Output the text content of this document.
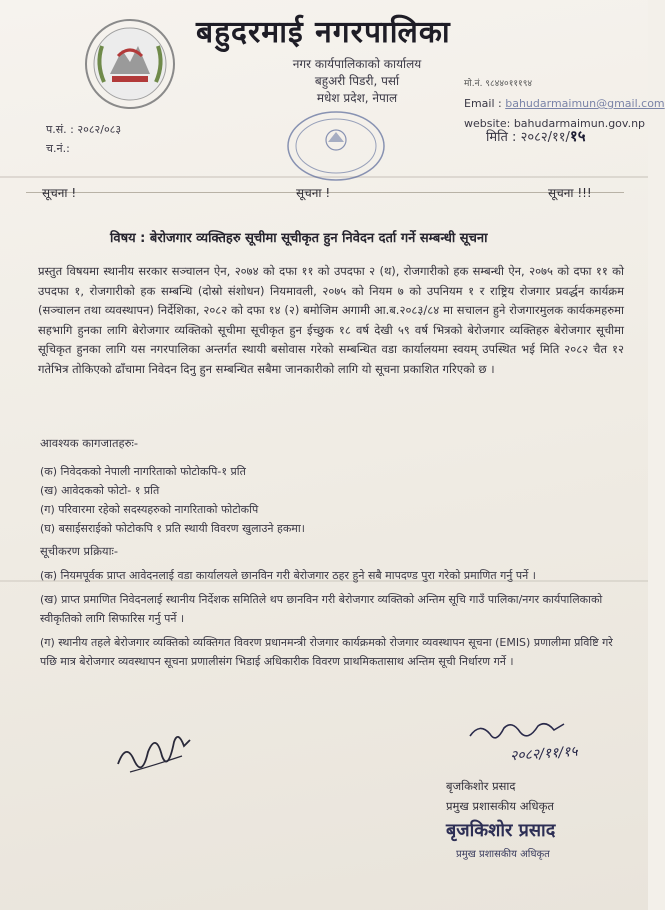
बहुदरमाई नगरपालिका
नगर कार्यपालिकाको कार्यालय
बहुअरी पिडरी, पर्सा
मधेश प्रदेश, नेपाल
मो.नं. ९८४४०१११९४
Email : bahudarmaimun@gmail.com
website: bahudarmaimun.gov.np
प.सं. : २०८२/०८३
च.नं.:
मिति : २०८२/११/१५
सूचना !	सूचना !	सूचना !!!
विषय : बेरोजगार व्यक्तिहरु सूचीमा सूचीकृत हुन निवेदन दर्ता गर्ने सम्बन्धी सूचना
प्रस्तुत विषयमा स्थानीय सरकार सञ्चालन ऐन, २०७४ को दफा ११ को उपदफा २ (थ), रोजगारीको हक सम्बन्धी ऐन, २०७५ को दफा ११ को उपदफा १, रोजगारीको हक सम्बन्धि (दोस्रो संशोधन) नियमावली, २०७५ को नियम ७ को उपनियम १ र राष्ट्रिय रोजगार प्रवर्द्धन कार्यक्रम (सञ्चालन तथा व्यवस्थापन) निर्देशिका, २०८२ को दफा १४ (२) बमोजिम अगामी आ.ब.२०८३/८४ मा सचालन हुने रोजगारमुलक कार्यकमहरुमा सहभागि हुनका लागि बेरोजगार व्यक्तिको सूचीमा सूचीकृत हुन ईच्छुक १८ वर्ष देखी ५९ वर्ष भित्रको बेरोजगार व्यक्तिहरु बेरोजगार सूचीमा सूचिकृत हुनका लागि यस नगरपालिका अन्तर्गत स्थायी बसोवास गरेको सम्बन्धित वडा कार्यालयमा स्वयम् उपस्थित भई मिति २०८२ चैत १२ गतेभित्र तोकिएको ढाँचामा निवेदन दिनु हुन सम्बन्धित सबैमा जानकारीको लागि यो सूचना प्रकाशित गरिएको छ ।
आवश्यक कागजातहरुः-
(क) निवेदकको नेपाली नागरिताको फोटोकपि-१ प्रति
(ख) आवेदकको फोटो- १ प्रति
(ग) परिवारमा रहेको सदस्यहरुको नागरिताको फोटोकपि
(घ) बसाईसराईको फोटोकपि १ प्रति स्थायी विवरण खुलाउने हकमा।
सूचीकरण प्रक्रियाः-

(क) नियमपूर्वक प्राप्त आवेदनलाई वडा कार्यालयले छानविन गरी बेरोजगार ठहर हुने सबै मापदण्ड पुरा गरेको प्रमाणित गर्नु पर्ने ।

(ख) प्राप्त प्रमाणित निवेदनलाई स्थानीय निर्देशक समितिले थप छानविन गरी बेरोजगार व्यक्तिको अन्तिम सूचि गाउँ पालिका/नगर कार्यपालिकाको स्वीकृतिको लागि सिफारिस गर्नु पर्ने ।

(ग) स्थानीय तहले बेरोजगार व्यक्तिको व्यक्तिगत विवरण प्रधानमन्त्री रोजगार कार्यक्रमको रोजगार व्यवस्थापन सूचना (EMIS) प्रणालीमा प्रविष्टि गरे पछि मात्र बेरोजगार व्यवस्थापन सूचना प्रणालीसंग भिडाई अधिकारीक विवरण प्राथमिकतासाथ अन्तिम सूची निर्धारण गर्ने ।

२०८२/११/१५
बृजकिशोर प्रसाद
प्रमुख प्रशासकीय अधिकृत
बृजकिशोर प्रसाद
प्रमुख प्रशासकीय अधिकृत
